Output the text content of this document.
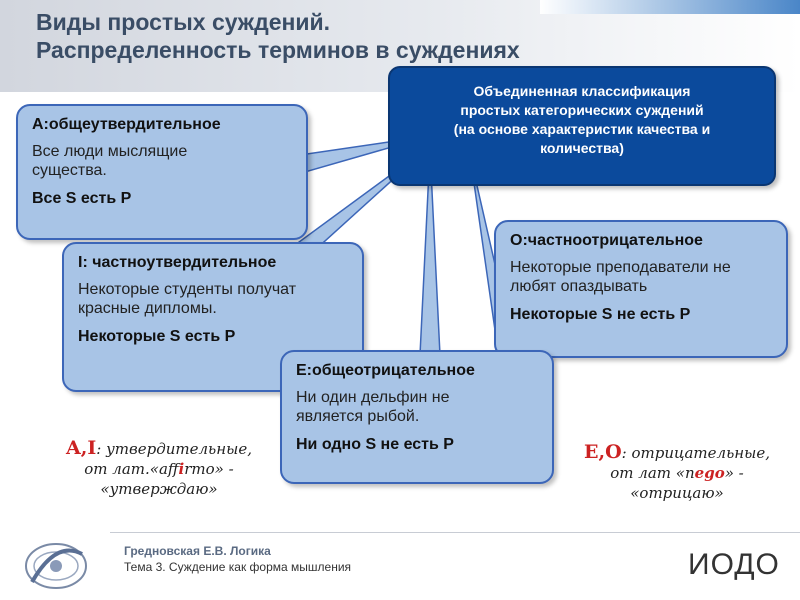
Виды простых суждений.
Распределенность терминов в суждениях
Объединенная классификация
простых категорических суждений
(на основе характеристик качества и
количества)
А:общеутвердительное
Все люди мыслящие существа.
Все S есть Р
I: частноутвердительное
Некоторые студенты получат красные дипломы.
Некоторые S есть Р
О:частноотрицательное
Некоторые преподаватели не любят опаздывать
Некоторые S не есть Р
Е:общеотрицательное
Ни один дельфин не является рыбой.
Ни одно S не есть Р
A,I: утвердительные,
от лат.«affirmo» -
«утверждаю»
E,O: отрицательные,
от лат «nego» -
«отрицаю»
Гредновская Е.В. Логика
Тема 3. Суждение как форма мышления	ИОДО
